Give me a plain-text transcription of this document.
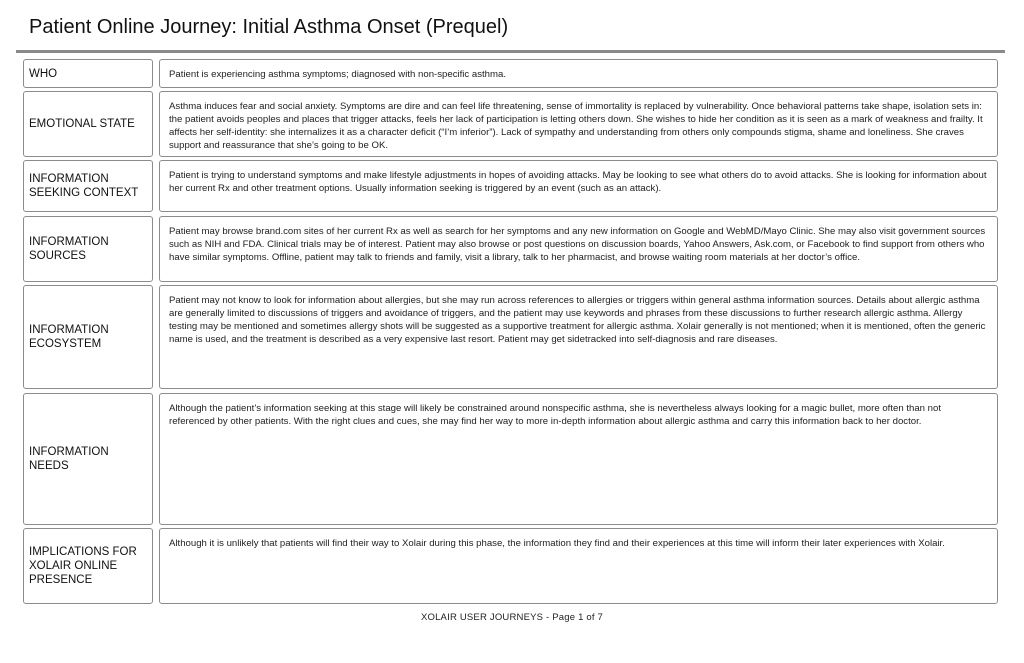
Patient Online Journey: Initial Asthma Onset (Prequel)
WHO	Patient is experiencing asthma symptoms; diagnosed with non-specific asthma.
EMOTIONAL STATE
Asthma induces fear and social anxiety. Symptoms are dire and can feel life threatening, sense of immortality is replaced by vulnerability. Once behavioral patterns take shape, isolation sets in: the patient avoids peoples and places that trigger attacks, feels her lack of participation is letting others down. She wishes to hide her condition as it is seen as a mark of weakness and frailty. It affects her self-identity: she internalizes it as a character deficit (“I’m inferior”). Lack of sympathy and understanding from others only compounds stigma, shame and loneliness. She craves support and reassurance that she’s going to be OK.
INFORMATION SEEKING CONTEXT
Patient is trying to understand symptoms and make lifestyle adjustments in hopes of avoiding attacks. May be looking to see what others do to avoid attacks. She is looking for information about her current Rx and other treatment options. Usually information seeking is triggered by an event (such as an attack).
INFORMATION SOURCES
Patient may browse brand.com sites of her current Rx as well as search for her symptoms and any new information on Google and WebMD/Mayo Clinic. She may also visit government sources such as NIH and FDA. Clinical trials may be of interest. Patient may also browse or post questions on discussion boards, Yahoo Answers, Ask.com, or Facebook to find support from others who have similar symptoms. Offline, patient may talk to friends and family, visit a library, talk to her pharmacist, and browse waiting room materials at her doctor’s office.
INFORMATION ECOSYSTEM
Patient may not know to look for information about allergies, but she may run across references to allergies or triggers within general asthma information sources. Details about allergic asthma are generally limited to discussions of triggers and avoidance of triggers, and the patient may use keywords and phrases from these discussions to further research allergic asthma. Allergy testing may be mentioned and sometimes allergy shots will be suggested as a supportive treatment for allergic asthma. Xolair generally is not mentioned; when it is mentioned, often the generic name is used, and the treatment is described as a very expensive last resort. Patient may get sidetracked into self-diagnosis and rare diseases.
INFORMATION NEEDS
Although the patient’s information seeking at this stage will likely be constrained around nonspecific asthma, she is nevertheless always looking for a magic bullet, more often than not referenced by other patients. With the right clues and cues, she may find her way to more in-depth information about allergic asthma and carry this information back to her doctor.
IMPLICATIONS FOR XOLAIR ONLINE PRESENCE
Although it is unlikely that patients will find their way to Xolair during this phase, the information they find and their experiences at this time will inform their later experiences with Xolair.
XOLAIR USER JOURNEYS - Page 1 of 7
